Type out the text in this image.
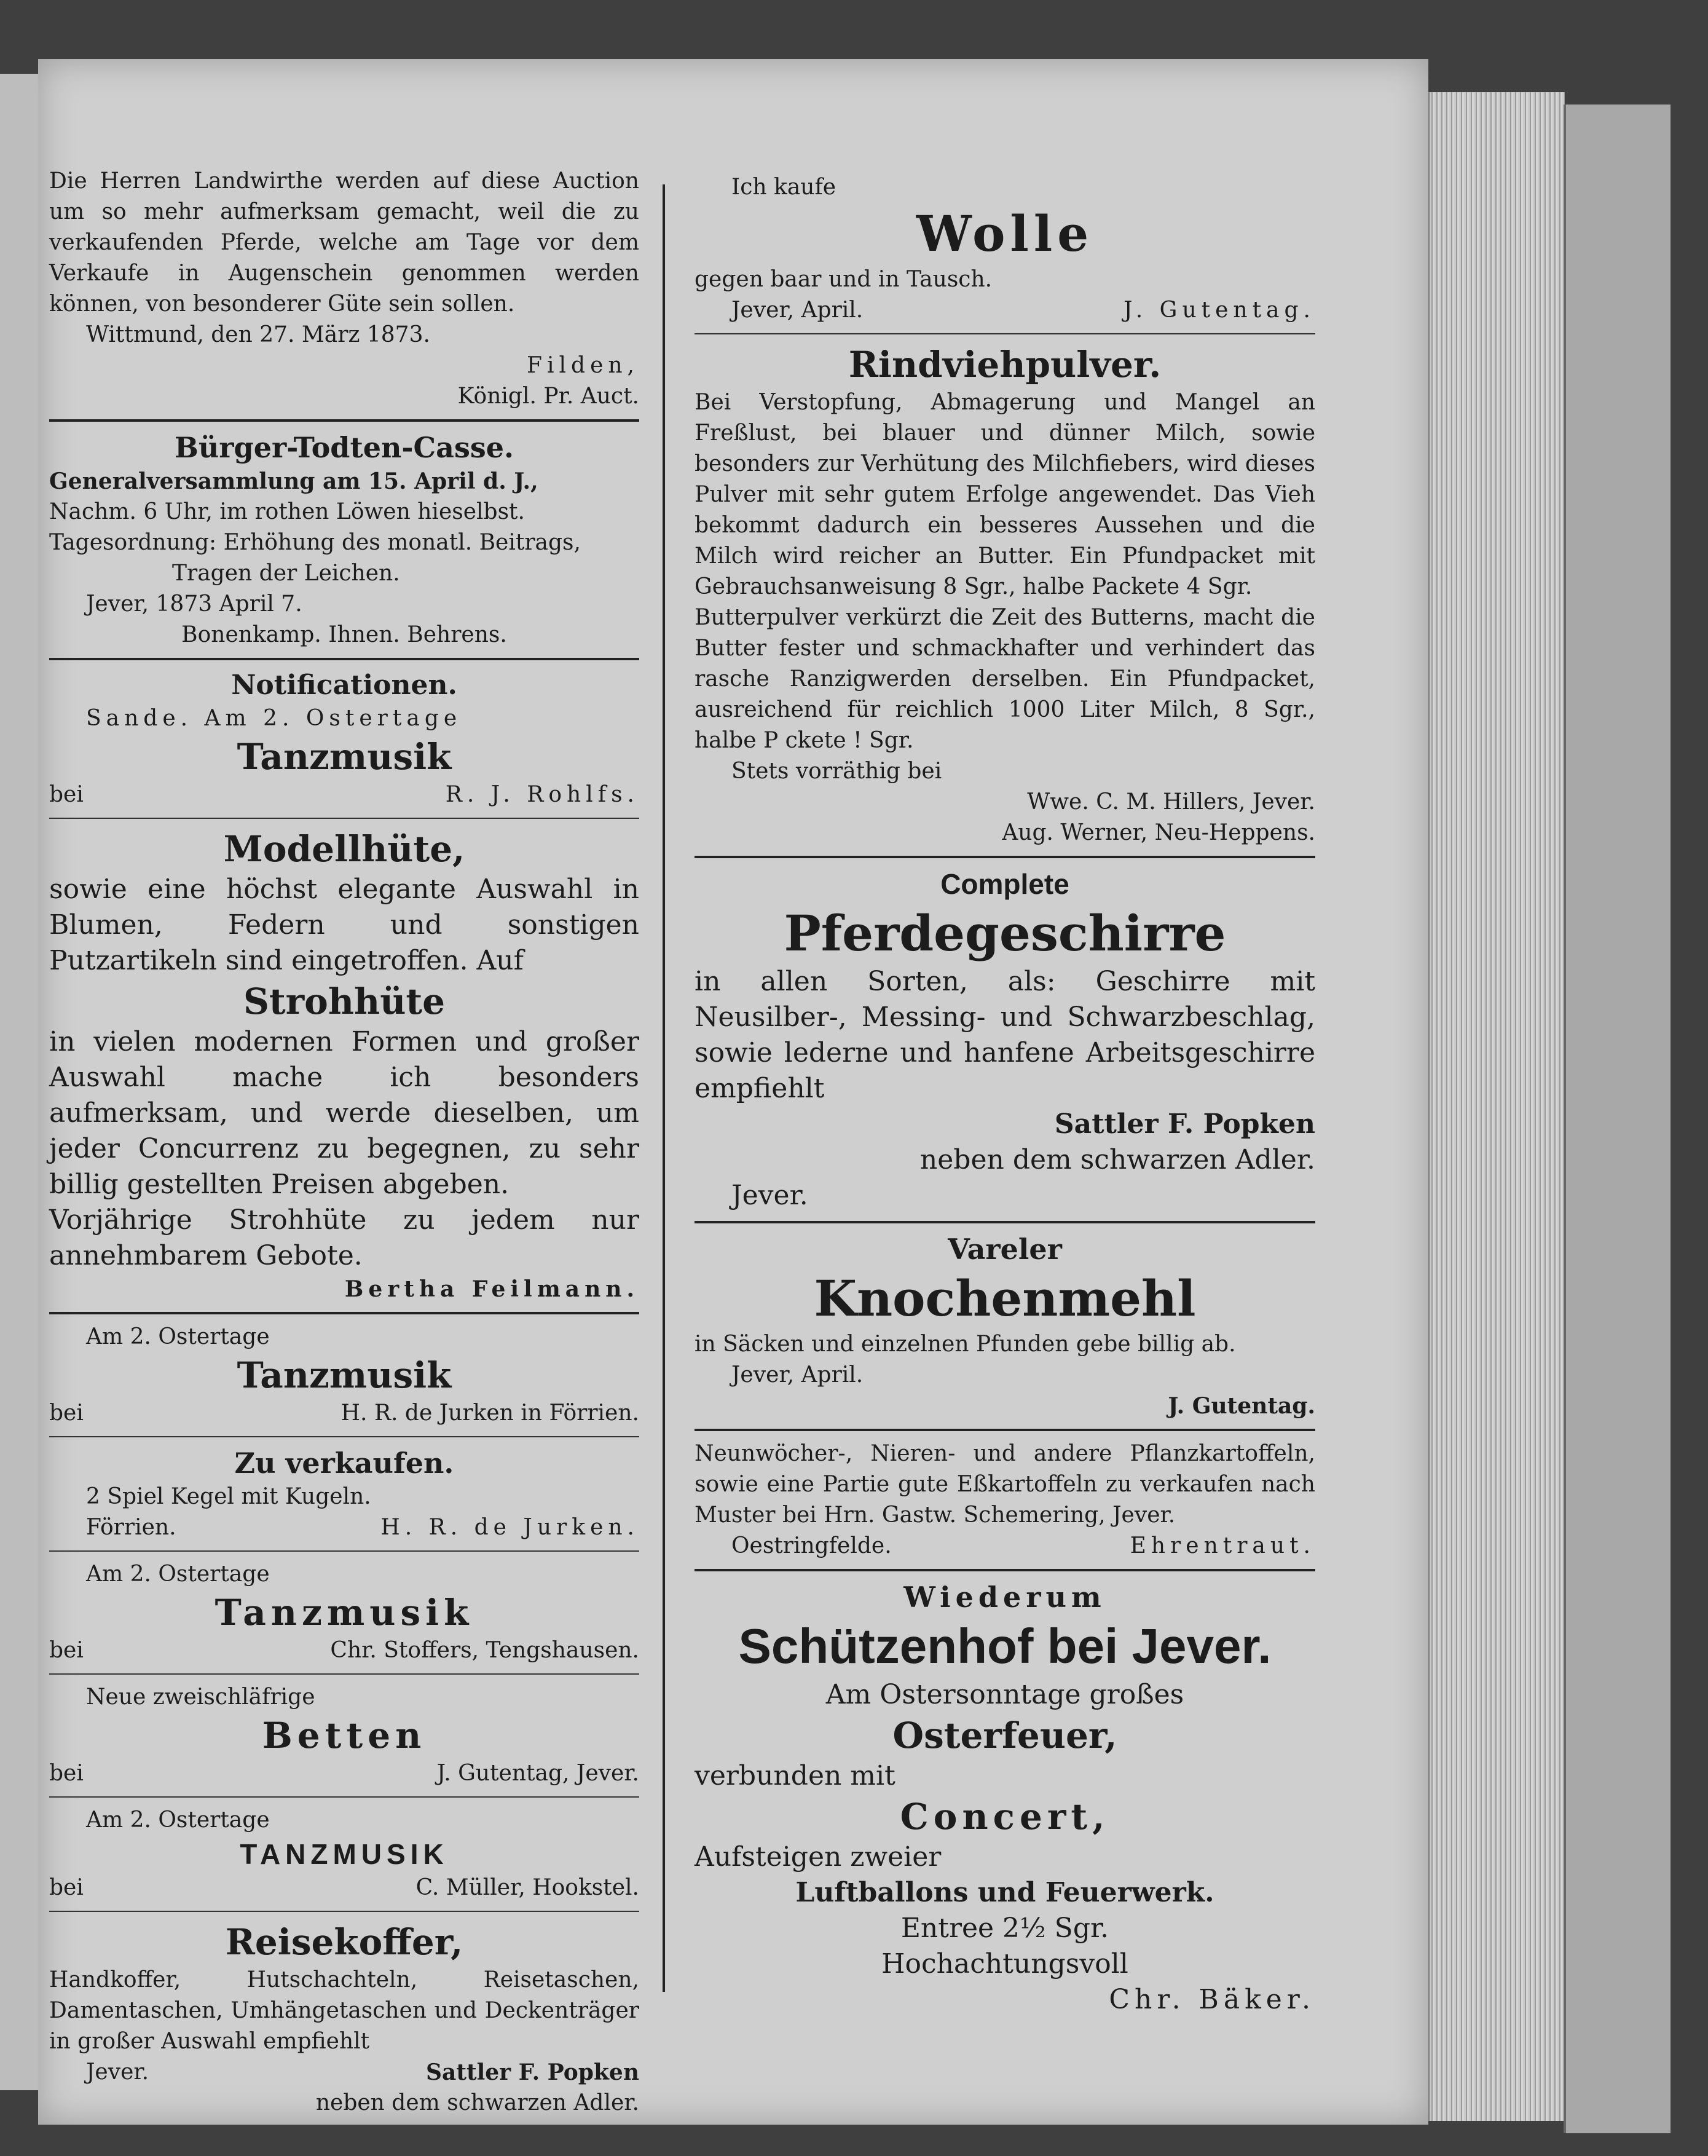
Die Herren Landwirthe werden auf diese Auction um so mehr aufmerksam gemacht, weil die zu verkaufenden Pferde, welche am Tage vor dem Verkaufe in Augenschein genommen werden können, von besonderer Güte sein sollen.

Wittmund, den 27. März 1873.

Filden,

Königl. Pr. Auct.

Bürger-Todten-Casse.

Generalversammlung am 15. April d. J.,

Nachm. 6 Uhr, im rothen Löwen hieselbst.

Tagesordnung: Erhöhung des monatl. Beitrags,

Tragen der Leichen.

Jever, 1873 April 7.

Bonenkamp. Ihnen. Behrens.

Notificationen.

Sande. Am 2. Ostertage

Tanzmusik

bei	R. J. Rohlfs.

Modellhüte,

sowie eine höchst elegante Auswahl in Blumen, Federn und sonstigen Putzartikeln sind eingetroffen. Auf

Strohhüte

in vielen modernen Formen und großer Auswahl mache ich besonders aufmerksam, und werde dieselben, um jeder Concurrenz zu begegnen, zu sehr billig gestellten Preisen abgeben.

Vorjährige Strohhüte zu jedem nur annehmbarem Gebote.

Bertha Feilmann.

Am 2. Ostertage

Tanzmusik

bei	H. R. de Jurken in Förrien.

Zu verkaufen.

2 Spiel Kegel mit Kugeln.

Förrien.	H. R. de Jurken.

Am 2. Ostertage

Tanzmusik

bei	Chr. Stoffers, Tengshausen.

Neue zweischläfrige

Betten

bei	J. Gutentag, Jever.

Am 2. Ostertage

TANZMUSIK

bei	C. Müller, Hookstel.

Reisekoffer,

Handkoffer, Hutschachteln, Reisetaschen, Damentaschen, Umhängetaschen und Deckenträger in großer Auswahl empfiehlt

Jever.	Sattler F. Popken

neben dem schwarzen Adler.

Ich kaufe

Wolle

gegen baar und in Tausch.

Jever, April.	J. Gutentag.

Rindviehpulver.

Bei Verstopfung, Abmagerung und Mangel an Freßlust, bei blauer und dünner Milch, sowie besonders zur Verhütung des Milchfiebers, wird dieses Pulver mit sehr gutem Erfolge angewendet. Das Vieh bekommt dadurch ein besseres Aussehen und die Milch wird reicher an Butter. Ein Pfundpacket mit Gebrauchsanweisung 8 Sgr., halbe Packete 4 Sgr.

Butterpulver verkürzt die Zeit des Butterns, macht die Butter fester und schmackhafter und verhindert das rasche Ranzigwerden derselben. Ein Pfundpacket, ausreichend für reichlich 1000 Liter Milch, 8 Sgr., halbe P ckete ! Sgr.

Stets vorräthig bei

Wwe. C. M. Hillers, Jever.

Aug. Werner, Neu-Heppens.

Complete

Pferdegeschirre

in allen Sorten, als: Geschirre mit Neusilber-, Messing- und Schwarzbeschlag, sowie lederne und hanfene Arbeitsgeschirre empfiehlt

Sattler F. Popken

neben dem schwarzen Adler.

Jever.

Vareler

Knochenmehl

in Säcken und einzelnen Pfunden gebe billig ab.

Jever, April.

J. Gutentag.

Neunwöcher-, Nieren- und andere Pflanzkartoffeln, sowie eine Partie gute Eßkartoffeln zu verkaufen nach Muster bei Hrn. Gastw. Schemering, Jever.

Oestringfelde.	Ehrentraut.

Wiederum

Schützenhof bei Jever.

Am Ostersonntage großes

Osterfeuer,

verbunden mit

Concert,

Aufsteigen zweier

Luftballons und Feuerwerk.

Entree 2½ Sgr.

Hochachtungsvoll

Chr. Bäker.
